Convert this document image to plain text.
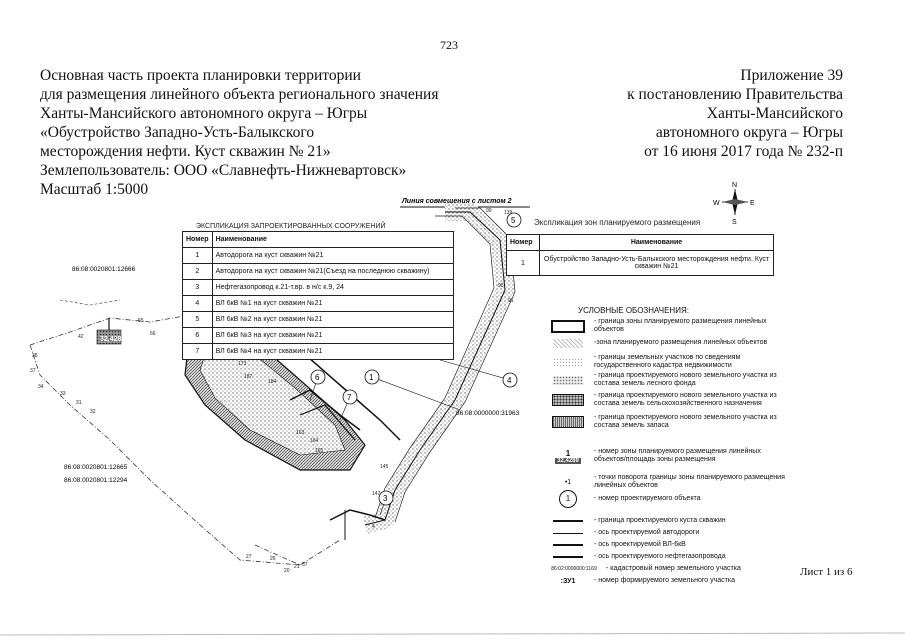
723
Основная часть проекта планировки территории
для размещения линейного объекта регионального значения
Ханты-Мансийского автономного округа – Югры
«Обустройство Западно-Усть-Балыкского
месторождения нефти. Куст скважин № 21»
Землепользователь: ООО «Славнефть-Нижневартовск»
Масштаб 1:5000
Приложение 39
к постановлению Правительства
Ханты-Мансийского
автономного округа – Югры
от 16 июня 2017 года № 232-п
Линия совмещения с листом 2
32,4289
86:08:0020801:12666
86:08:0000000:31963
86:08:0020801:12665
86:08:0020801:12294
1
6
7
4
3
5
38
37
34
33
31
32
42
65
66
99 139
95
91
145
147
4
21 37
26
20
27
173
187
184
163
164
165
N
S
W	E
ЭКСПЛИКАЦИЯ ЗАПРОЕКТИРОВАННЫХ СООРУЖЕНИЙ
Номер	Наименование
1	Автодорога на куст скважин №21
2	Автодорога на куст скважин №21(Съезд на последнюю скважину)
3	Нефтегазопровод к.21-т.вр. в н/с к.9, 24
4	ВЛ 6кВ №1 на куст скважин №21
5	ВЛ 6кВ №2 на куст скважин №21
6	ВЛ 6кВ №3 на куст скважин №21
7	ВЛ 6кВ №4 на куст скважин №21
Экспликация зон планируемого размещения
Номер	Наименование
1	Обустройство Западно-Усть-Балыкского месторождения нефти. Куст скважин №21
УСЛОВНЫЕ ОБОЗНАЧЕНИЯ:
- граница зоны планируемого размещения линейных объектов
-зона планируемого размещения линейных объектов
- границы земельных участков по сведениям государственного кадастра недвижимости
- граница проектируемого нового земельного участка из состава земель лесного фонда
- граница проектируемого нового земельного участка из состава земель сельскохозяйственного назначения
- граница проектируемого нового земельного участка из состава земель запаса
1
32,4289
- номер зоны планируемого размещения линейных объектов/площадь зоны размещения
•1
- точки поворота границы зоны планируемого размещения линейных объектов
1	- номер проектируемого объекта
- граница проектируемого куста скважин
- ось проектируемой автодороги
- ось проектируемой ВЛ-6кВ
- ось проектируемого нефтегазопровода
86:02:0000000:1169 - кадастровый номер земельного участка
:ЗУ1	- номер формируемого земельного участка
Лист 1 из 6
